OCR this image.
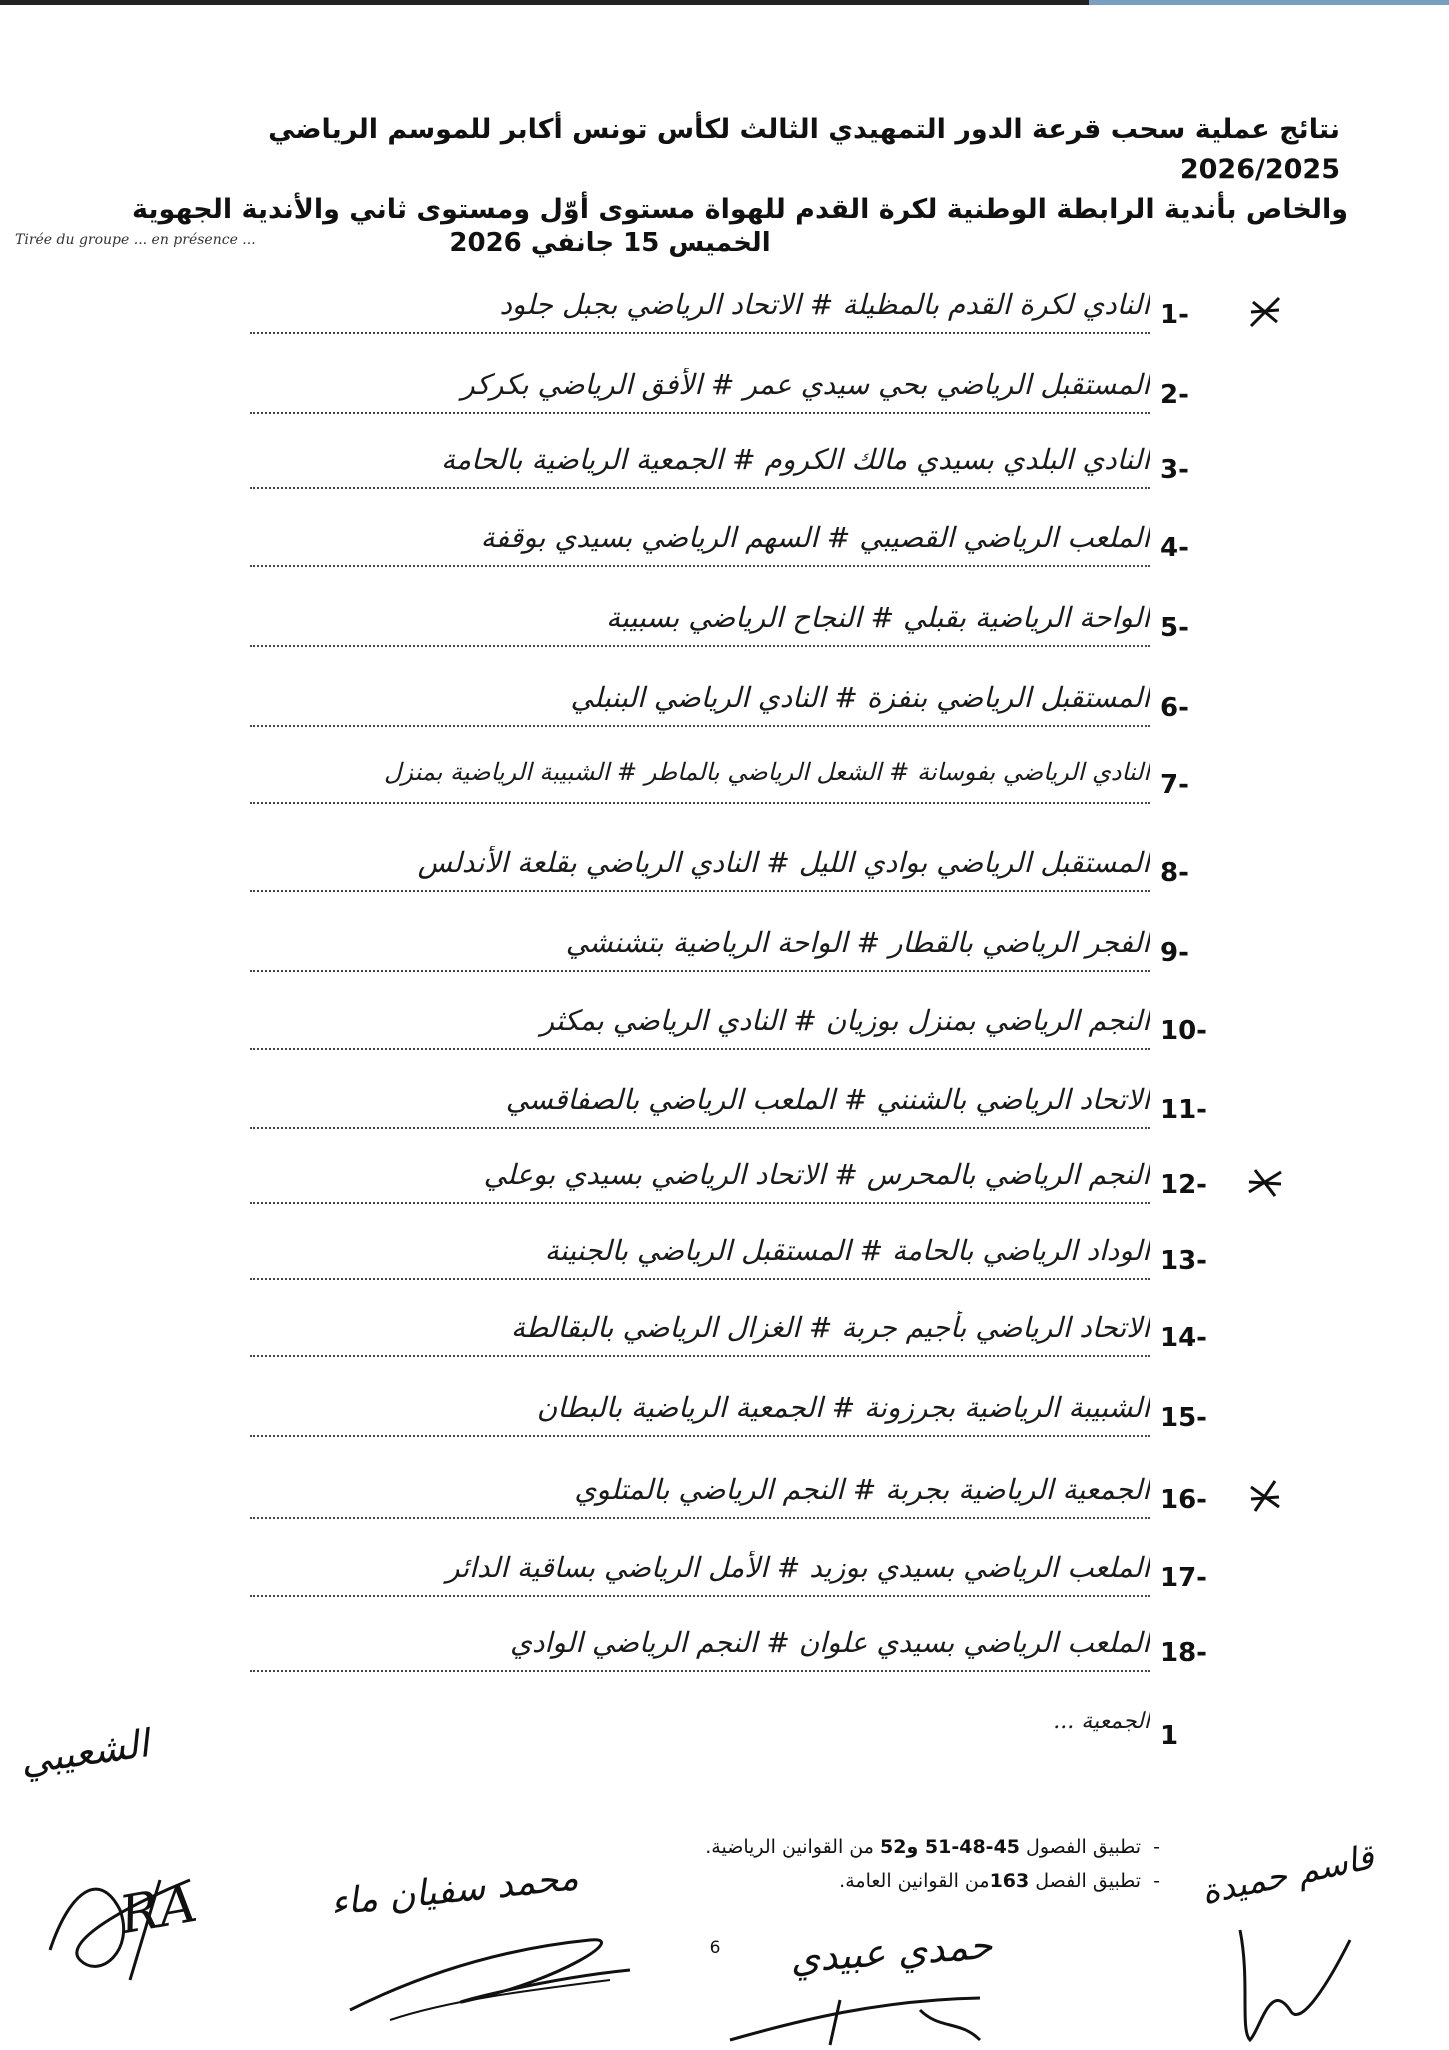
نتائج عملية سحب قرعة الدور التمهيدي الثالث لكأس تونس أكابر للموسم الرياضي 2026/2025
والخاص بأندية الرابطة الوطنية لكرة القدم للهواة مستوى أوّل ومستوى ثاني والأندية الجهوية
Tirée du groupe ... en présence ...	الخميس 15 جانفي 2026
النادي لكرة القدم بالمظيلة # الاتحاد الرياضي بجبل جلود 1-
المستقبل الرياضي بحي سيدي عمر # الأفق الرياضي بكركر 2-
النادي البلدي بسيدي مالك الكروم # الجمعية الرياضية بالحامة 3-
الملعب الرياضي القصيبي # السهم الرياضي بسيدي بوقفة 4-
الواحة الرياضية بقبلي # النجاح الرياضي بسبيبة 5-
المستقبل الرياضي بنفزة # النادي الرياضي البنبلي 6-
النادي الرياضي بفوسانة # الشعل الرياضي بالماطر # الشبيبة الرياضية بمنزل 7-
المستقبل الرياضي بوادي الليل # النادي الرياضي بقلعة الأندلس 8-
الفجر الرياضي بالقطار # الواحة الرياضية بتشنشي 9-
النجم الرياضي بمنزل بوزيان # النادي الرياضي بمكثر 10-
الاتحاد الرياضي بالشنني # الملعب الرياضي بالصفاقسي 11-
النجم الرياضي بالمحرس # الاتحاد الرياضي بسيدي بوعلي 12-
الوداد الرياضي بالحامة # المستقبل الرياضي بالجنينة 13-
الاتحاد الرياضي بأجيم جربة # الغزال الرياضي بالبقالطة 14-
الشبيبة الرياضية بجرزونة # الجمعية الرياضية بالبطان 15-
الجمعية الرياضية بجربة # النجم الرياضي بالمتلوي 16-
الملعب الرياضي بسيدي بوزيد # الأمل الرياضي بساقية الدائر 17-
الملعب الرياضي بسيدي علوان # النجم الرياضي الوادي 18-
الجمعية ... 1
-  تطبيق الفصول 45-48-51 و52 من القوانين الرياضية.
-  تطبيق الفصل 163من القوانين العامة.
6
الشعيبي
RA	محمد سفيان ماء
حمدي عبيدي
قاسم حميدة
